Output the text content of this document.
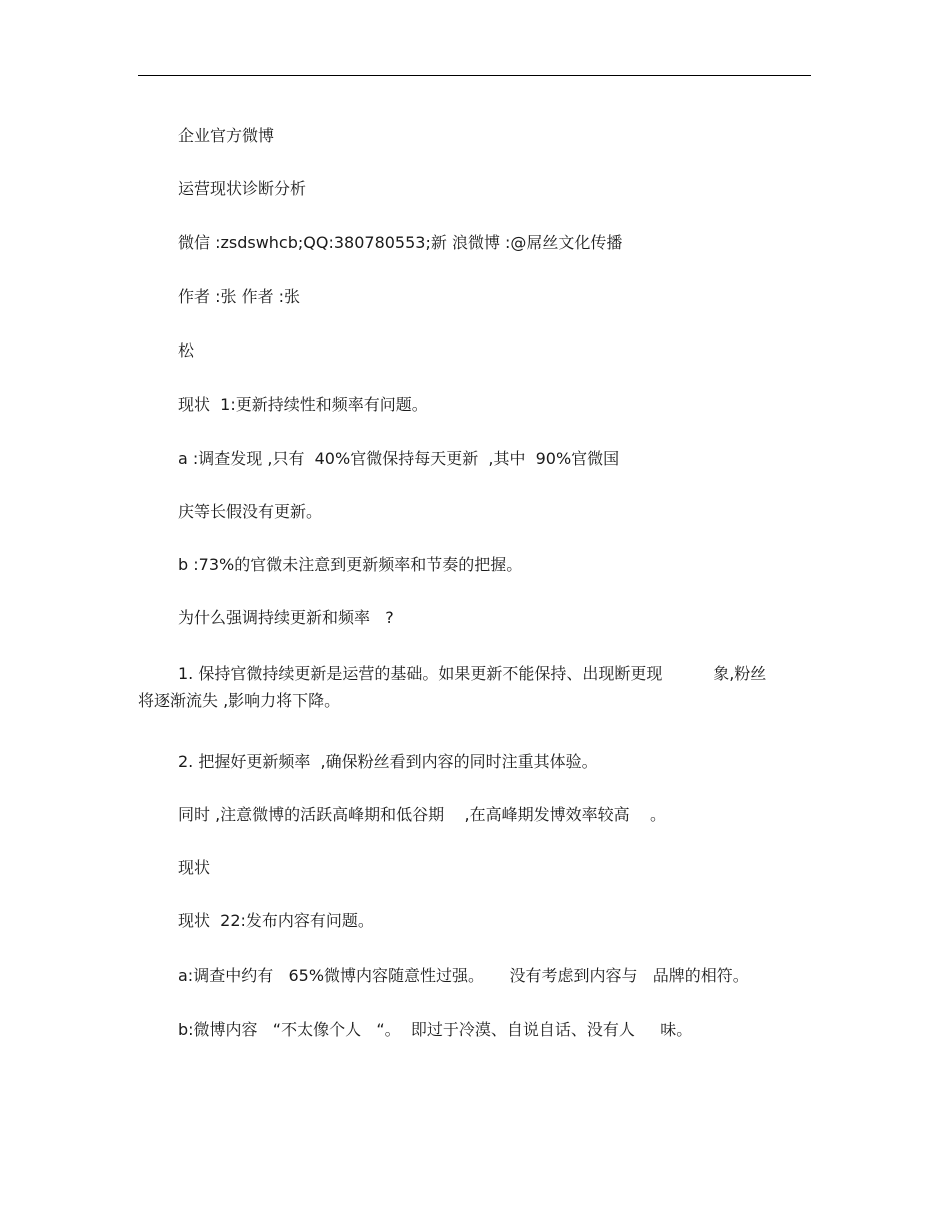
企业官方微博

运营现状诊断分析

微信 :zsdswhcb;QQ:380780553;新 浪微博 :@屌丝文化传播

作者 :张 作者 :张

松

现状  1:更新持续性和频率有问题。

a :调查发现 ,只有  40%官微保持每天更新  ,其中  90%官微国

庆等长假没有更新。

b :73%的官微未注意到更新频率和节奏的把握。

为什么强调持续更新和频率   ?

1. 保持官微持续更新是运营的基础。如果更新不能保持、出现断更现          象,粉丝
将逐渐流失 ,影响力将下降。

2. 把握好更新频率  ,确保粉丝看到内容的同时注重其体验。

同时 ,注意微博的活跃高峰期和低谷期    ,在高峰期发博效率较高    。

现状

现状  22:发布内容有问题。

a:调查中约有   65%微博内容随意性过强。     没有考虑到内容与   品牌的相符。

b:微博内容   “不太像个人   “。  即过于冷漠、自说自话、没有人     味。
